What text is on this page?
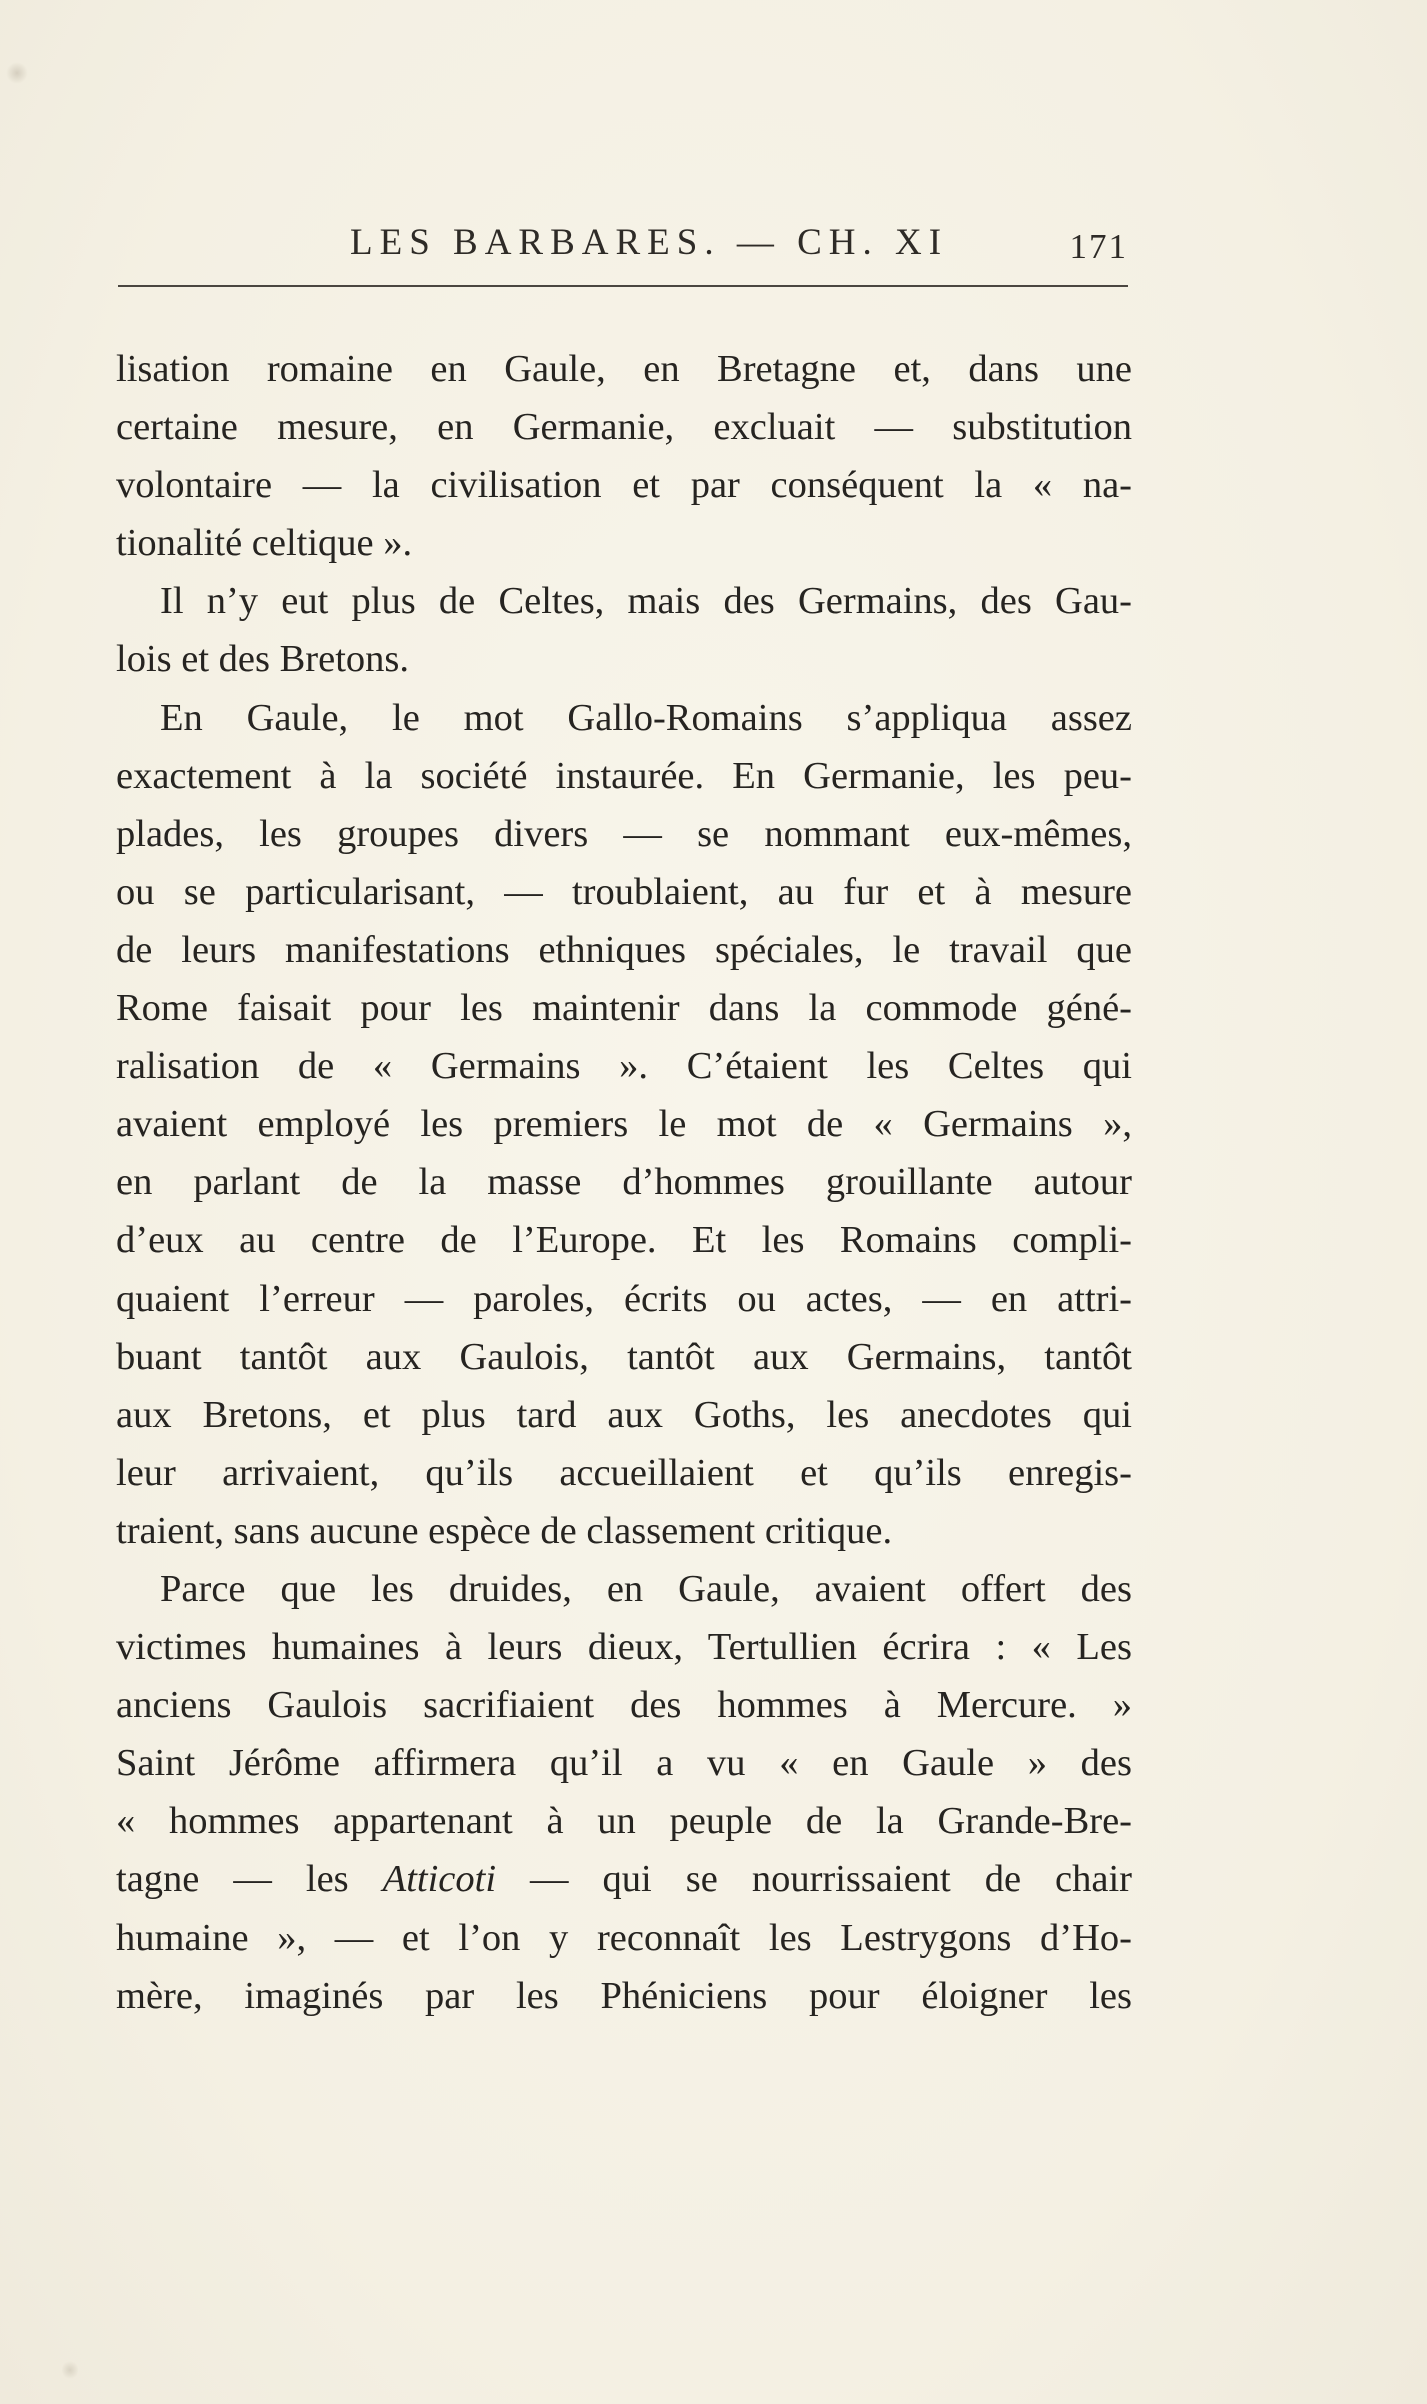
LES BARBARES. — CH. XI	171
lisation romaine en Gaule, en Bretagne et, dans une
certaine mesure, en Germanie, excluait — substitution
volontaire — la civilisation et par conséquent la « na-
tionalité celtique ».
Il n’y eut plus de Celtes, mais des Germains, des Gau-
lois et des Bretons.
En Gaule, le mot Gallo-Romains s’appliqua assez
exactement à la société instaurée. En Germanie, les peu-
plades, les groupes divers — se nommant eux-mêmes,
ou se particularisant, — troublaient, au fur et à mesure
de leurs manifestations ethniques spéciales, le travail que
Rome faisait pour les maintenir dans la commode géné-
ralisation de « Germains ». C’étaient les Celtes qui
avaient employé les premiers le mot de « Germains »,
en parlant de la masse d’hommes grouillante autour
d’eux au centre de l’Europe. Et les Romains compli-
quaient l’erreur — paroles, écrits ou actes, — en attri-
buant tantôt aux Gaulois, tantôt aux Germains, tantôt
aux Bretons, et plus tard aux Goths, les anecdotes qui
leur arrivaient, qu’ils accueillaient et qu’ils enregis-
traient, sans aucune espèce de classement critique.
Parce que les druides, en Gaule, avaient offert des
victimes humaines à leurs dieux, Tertullien écrira : « Les
anciens Gaulois sacrifiaient des hommes à Mercure. »
Saint Jérôme affirmera qu’il a vu « en Gaule » des
« hommes appartenant à un peuple de la Grande-Bre-
tagne — les Atticoti — qui se nourrissaient de chair
humaine », — et l’on y reconnaît les Lestrygons d’Ho-
mère, imaginés par les Phéniciens pour éloigner les
